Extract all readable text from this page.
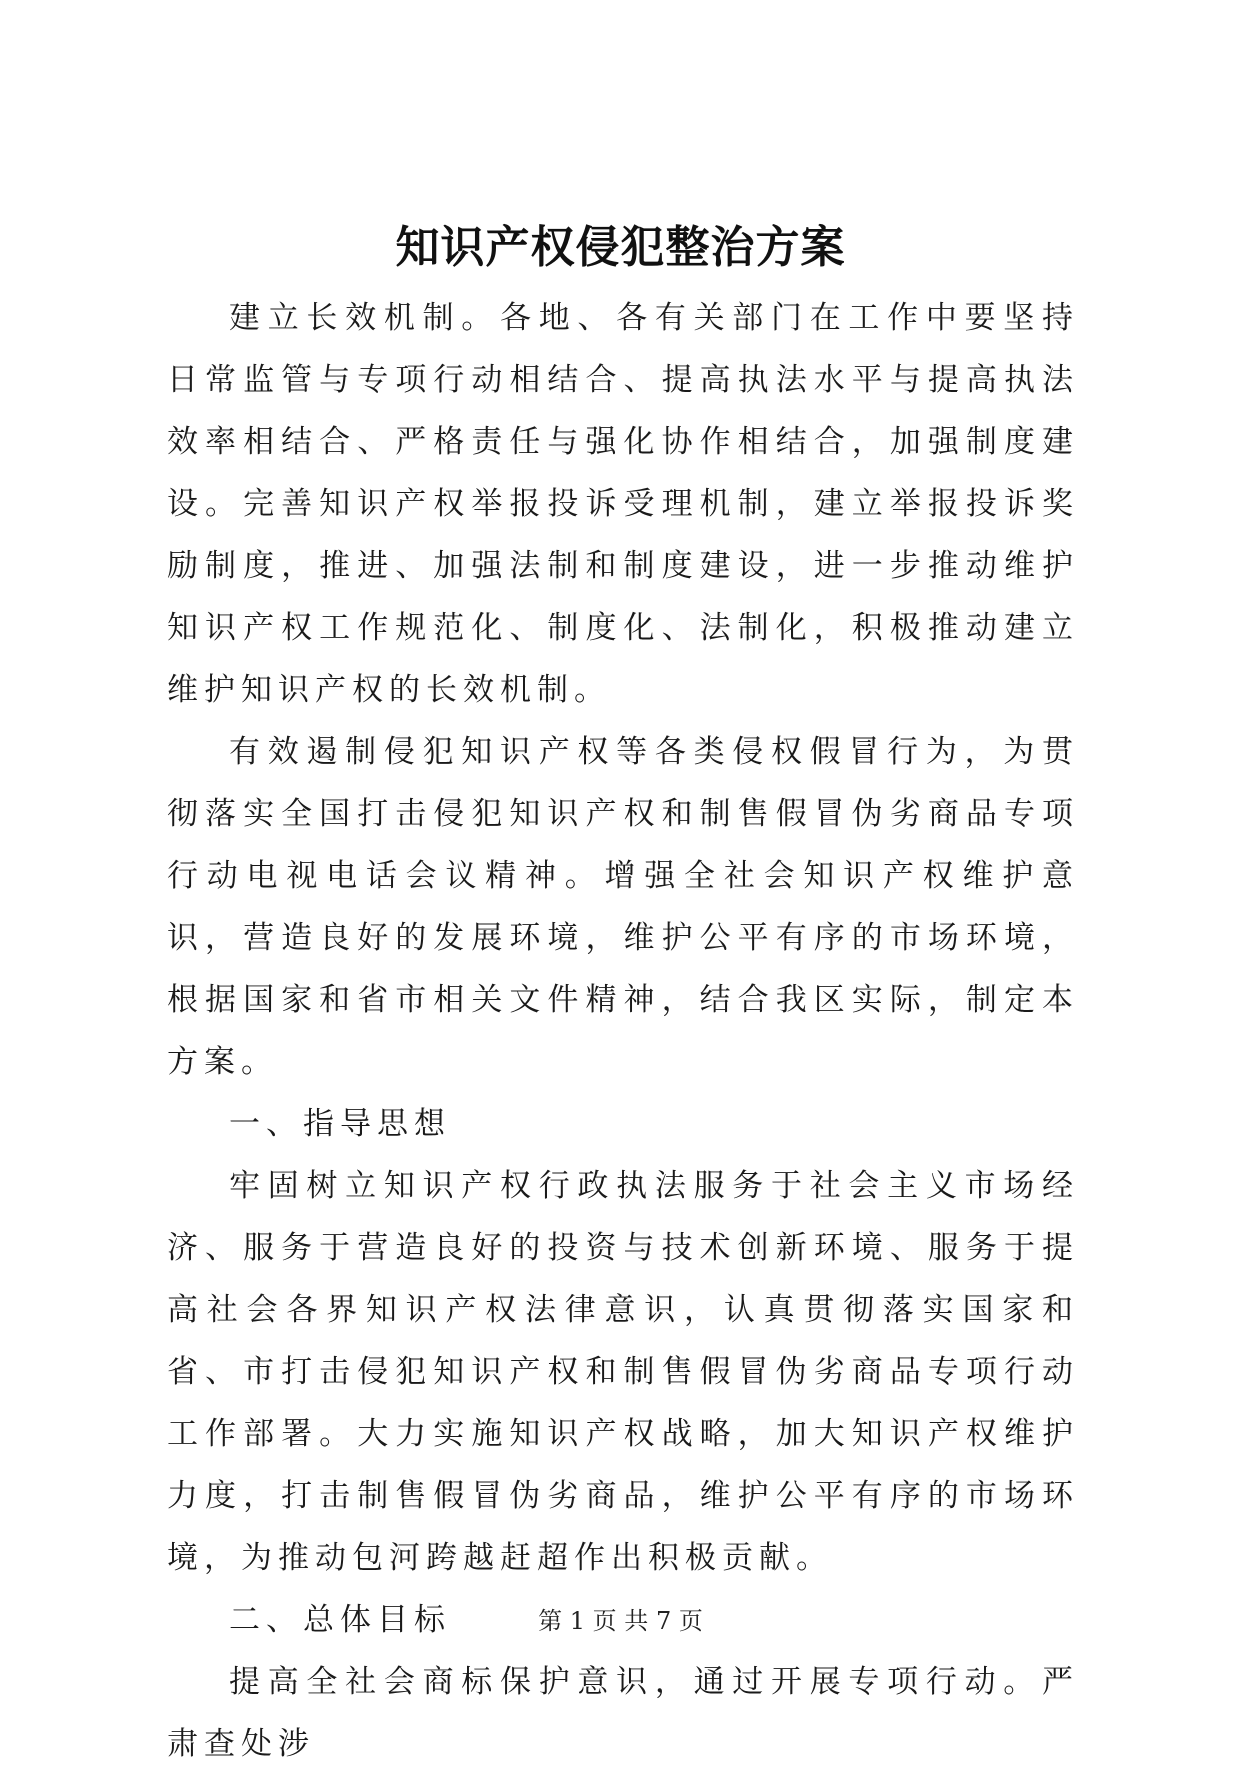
知识产权侵犯整治方案

建立长效机制。各地、各有关部门在工作中要坚持日常监管与专项行动相结合、提高执法水平与提高执法效率相结合、严格责任与强化协作相结合，加强制度建设。完善知识产权举报投诉受理机制，建立举报投诉奖励制度，推进、加强法制和制度建设，进一步推动维护知识产权工作规范化、制度化、法制化，积极推动建立维护知识产权的长效机制。

有效遏制侵犯知识产权等各类侵权假冒行为，为贯彻落实全国打击侵犯知识产权和制售假冒伪劣商品专项行动电视电话会议精神。增强全社会知识产权维护意识，营造良好的发展环境，维护公平有序的市场环境，根据国家和省市相关文件精神，结合我区实际，制定本方案。

一、指导思想

牢固树立知识产权行政执法服务于社会主义市场经济、服务于营造良好的投资与技术创新环境、服务于提高社会各界知识产权法律意识，认真贯彻落实国家和省、市打击侵犯知识产权和制售假冒伪劣商品专项行动工作部署。大力实施知识产权战略，加大知识产权维护力度，打击制售假冒伪劣商品，维护公平有序的市场环境，为推动包河跨越赶超作出积极贡献。

二、总体目标

提高全社会商标保护意识，通过开展专项行动。严肃查处涉

第 1 页 共 7 页
